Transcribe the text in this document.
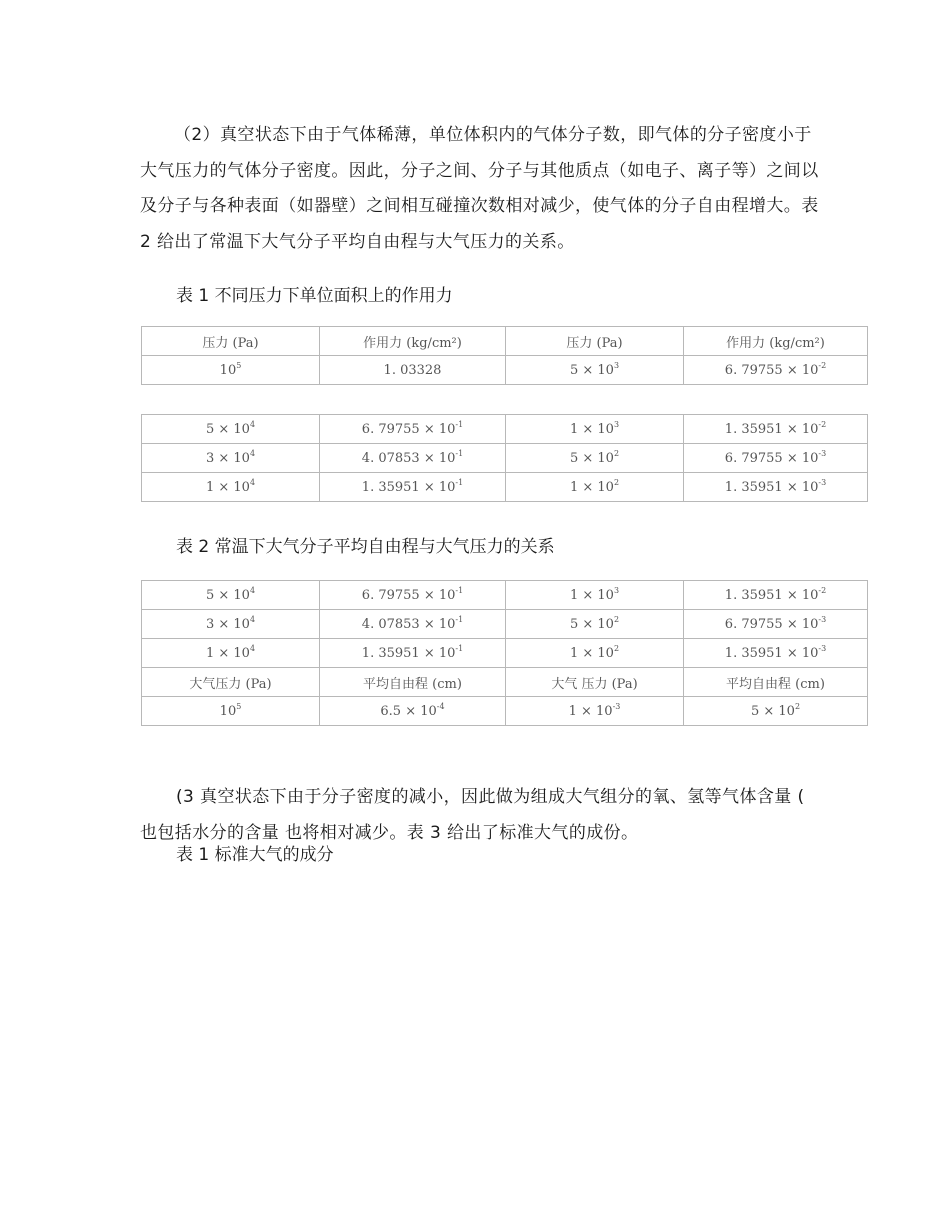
（2）真空状态下由于气体稀薄，单位体积内的气体分子数，即气体的分子密度小于大气压力的气体分子密度。因此，分子之间、分子与其他质点（如电子、离子等）之间以及分子与各种表面（如器壁）之间相互碰撞次数相对减少，使气体的分子自由程增大。表 2 给出了常温下大气分子平均自由程与大气压力的关系。
表 1 不同压力下单位面积上的作用力
压力 (Pa)	作用力 (kg/cm²)	压力 (Pa)	作用力 (kg/cm²)
$10^5$	1. 03328	$5 \times 10^3$	6. $79755 \times 10^{-2}$
$5 \times 10^4$	6. $79755 \times 10^{-1}$	$1 \times 10^3$	1. $35951 \times 10^{-2}$
$3 \times 10^4$	4. $07853 \times 10^{-1}$	$5 \times 10^2$	6. $79755 \times 10^{-3}$
$1 \times 10^4$	1. $35951 \times 10^{-1}$	$1 \times 10^2$	1. $35951 \times 10^{-3}$
表 2 常温下大气分子平均自由程与大气压力的关系
$5 \times 10^4$	6. $79755 \times 10^{-1}$	$1 \times 10^3$	1. $35951 \times 10^{-2}$
$3 \times 10^4$	4. $07853 \times 10^{-1}$	$5 \times 10^2$	6. $79755 \times 10^{-3}$
$1 \times 10^4$	1. $35951 \times 10^{-1}$	$1 \times 10^2$	1. $35951 \times 10^{-3}$
大气压力 (Pa)	平均自由程 (cm)	大气 压力 (Pa)	平均自由程 (cm)
$10^5$	$6.5 \times 10^{-4}$	$1 \times 10^{-3}$	$5 \times 10^2$
(3 真空状态下由于分子密度的减小，因此做为组成大气组分的氧、氢等气体含量 ( 也包括水分的含量 也将相对减少。表 3 给出了标准大气的成份。
表 1 标准大气的成分
